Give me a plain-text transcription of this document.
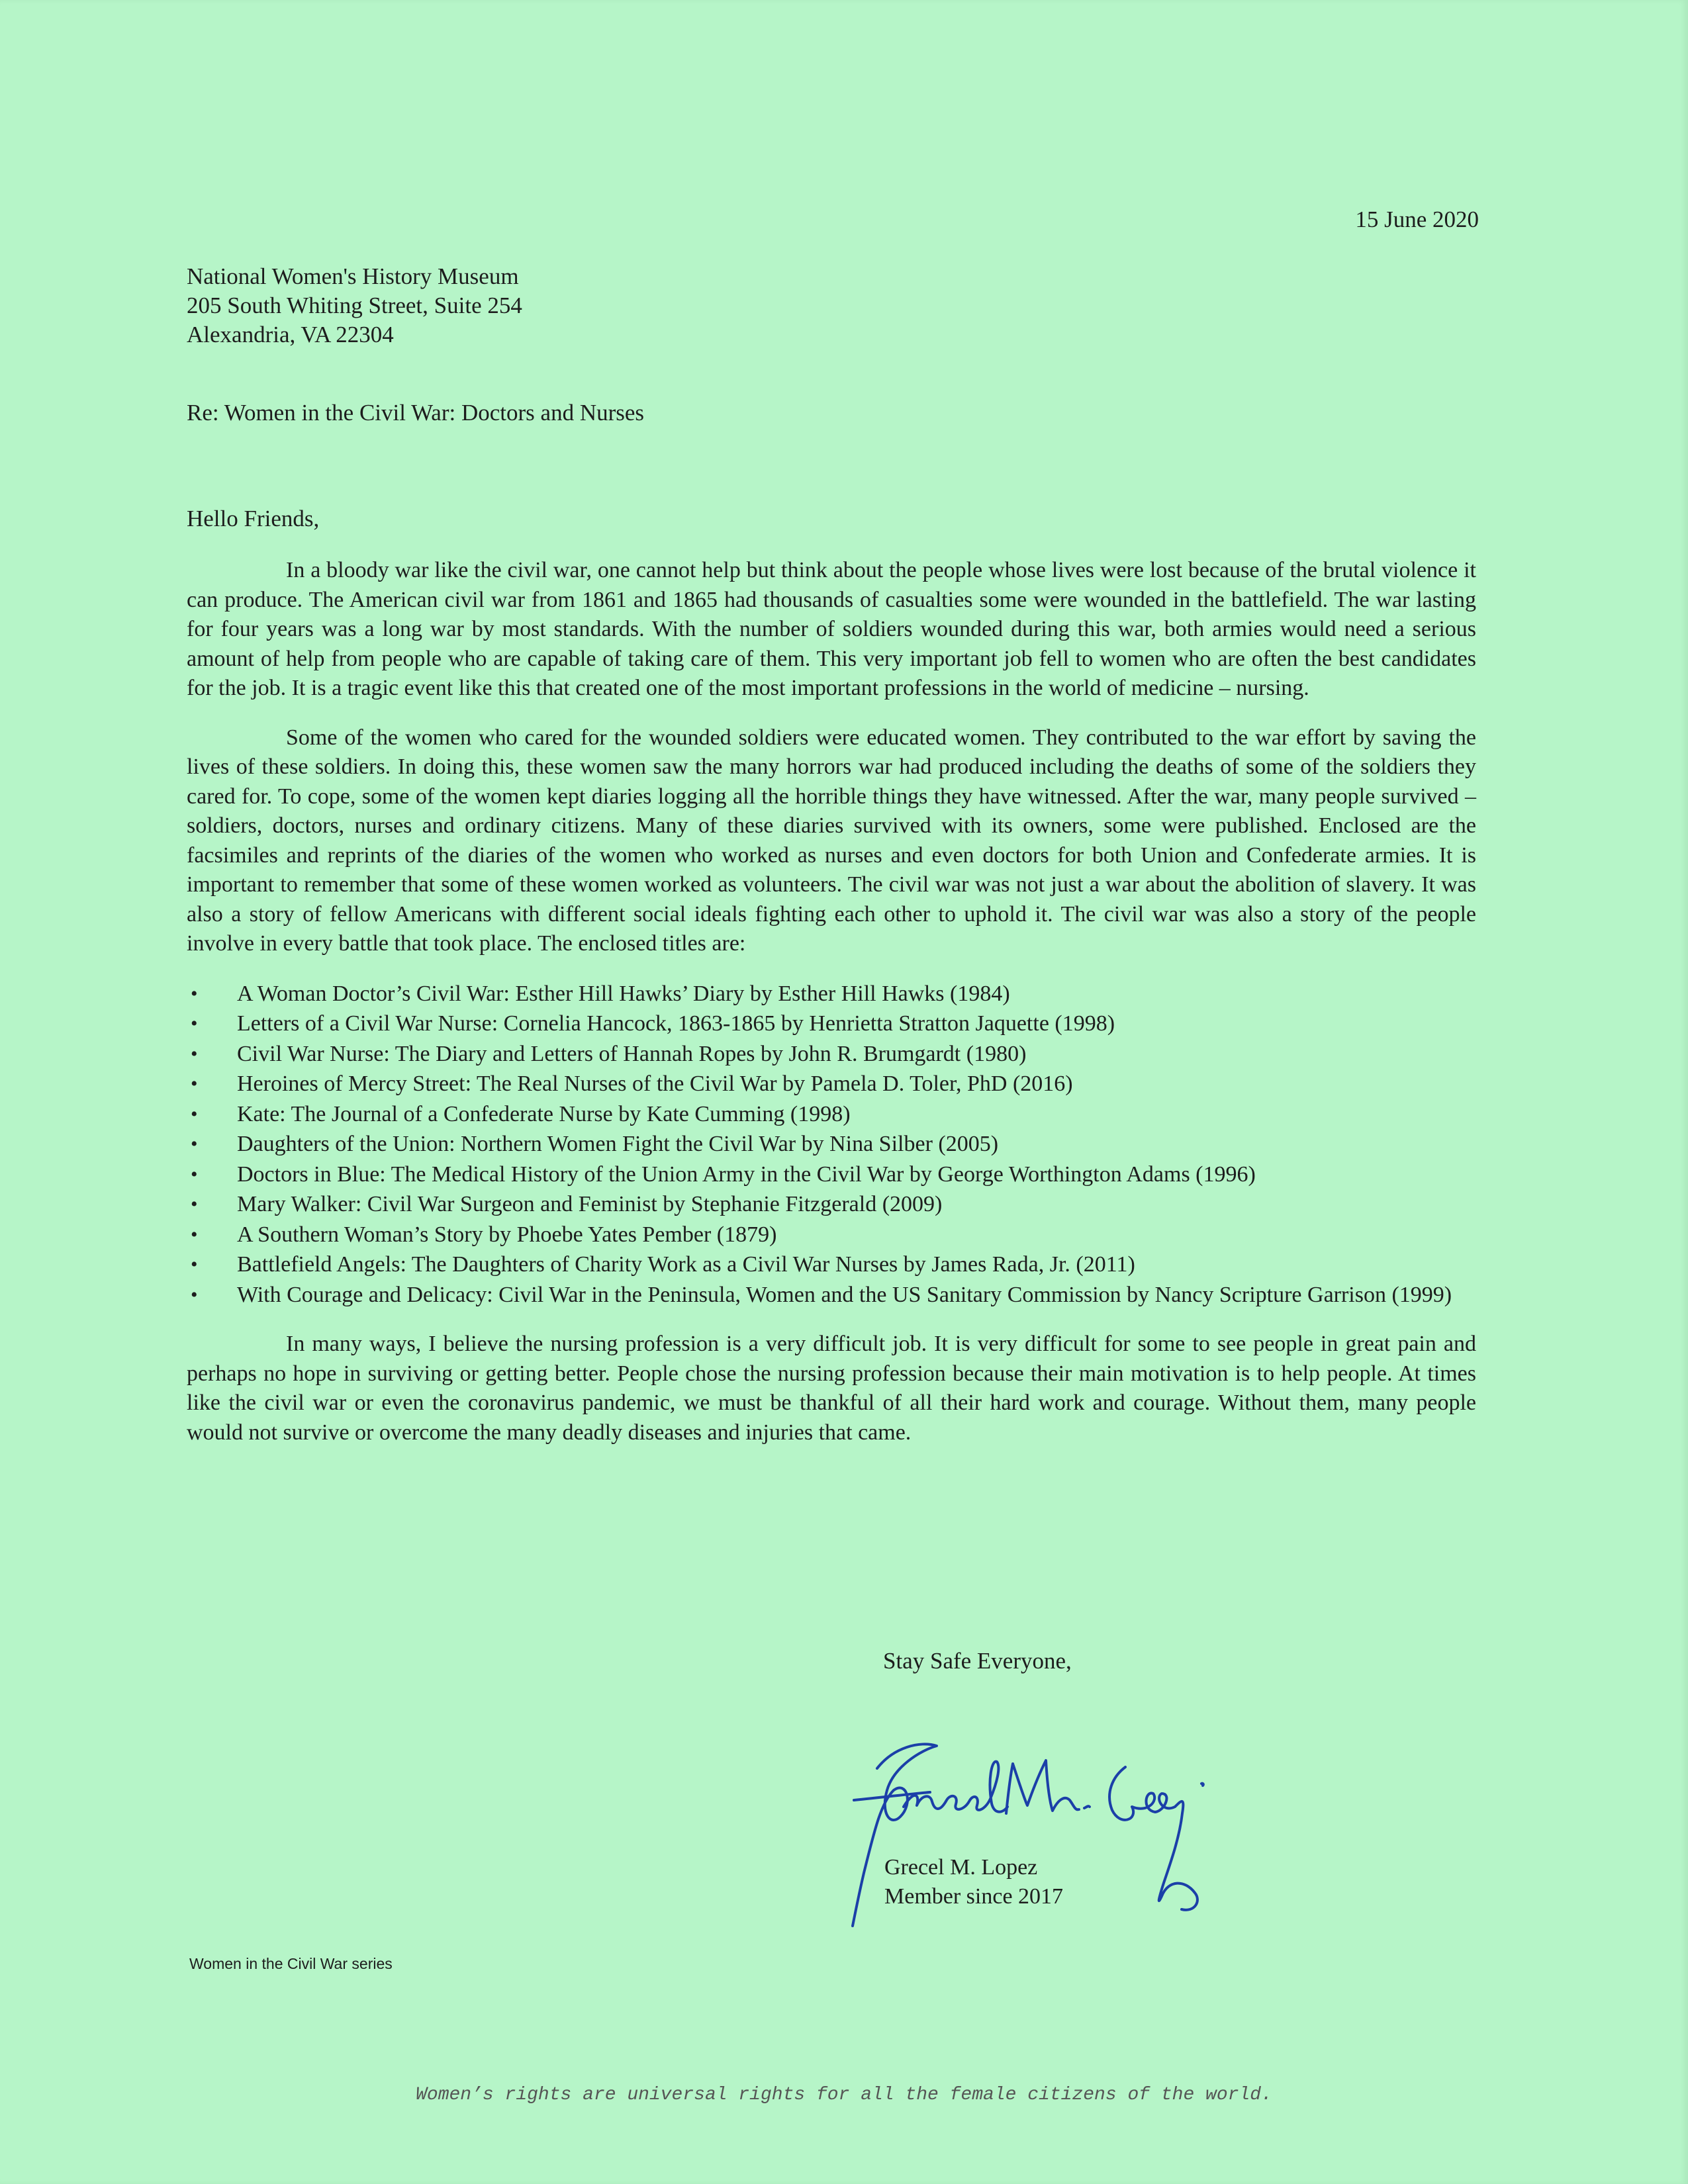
15 June 2020
National Women's History Museum
205 South Whiting Street, Suite 254
Alexandria, VA 22304
Re: Women in the Civil War: Doctors and Nurses
Hello Friends,

In a bloody war like the civil war, one cannot help but think about the people whose lives were lost because of the brutal violence it can produce. The American civil war from 1861 and 1865 had thousands of casualties some were wounded in the battlefield. The war lasting for four years was a long war by most standards. With the number of soldiers wounded during this war, both armies would need a serious amount of help from people who are capable of taking care of them. This very important job fell to women who are often the best candidates for the job. It is a tragic event like this that created one of the most important professions in the world of medicine – nursing.

Some of the women who cared for the wounded soldiers were educated women. They contributed to the war effort by saving the lives of these soldiers. In doing this, these women saw the many horrors war had produced including the deaths of some of the soldiers they cared for. To cope, some of the women kept diaries logging all the horrible things they have witnessed. After the war, many people survived – soldiers, doctors, nurses and ordinary citizens. Many of these diaries survived with its owners, some were published. Enclosed are the facsimiles and reprints of the diaries of the women who worked as nurses and even doctors for both Union and Confederate armies. It is important to remember that some of these women worked as volunteers. The civil war was not just a war about the abolition of slavery. It was also a story of fellow Americans with different social ideals fighting each other to uphold it. The civil war was also a story of the people involve in every battle that took place. The enclosed titles are:

• A Woman Doctor’s Civil War: Esther Hill Hawks’ Diary by Esther Hill Hawks (1984)
• Letters of a Civil War Nurse: Cornelia Hancock, 1863-1865 by Henrietta Stratton Jaquette (1998)
• Civil War Nurse: The Diary and Letters of Hannah Ropes by John R. Brumgardt (1980)
• Heroines of Mercy Street: The Real Nurses of the Civil War by Pamela D. Toler, PhD (2016)
• Kate: The Journal of a Confederate Nurse by Kate Cumming (1998)
• Daughters of the Union: Northern Women Fight the Civil War by Nina Silber (2005)
• Doctors in Blue: The Medical History of the Union Army in the Civil War by George Worthington Adams (1996)
• Mary Walker: Civil War Surgeon and Feminist by Stephanie Fitzgerald (2009)
• A Southern Woman’s Story by Phoebe Yates Pember (1879)
• Battlefield Angels: The Daughters of Charity Work as a Civil War Nurses by James Rada, Jr. (2011)
• With Courage and Delicacy: Civil War in the Peninsula, Women and the US Sanitary Commission by Nancy Scripture Garrison (1999)

In many ways, I believe the nursing profession is a very difficult job. It is very difficult for some to see people in great pain and perhaps no hope in surviving or getting better. People chose the nursing profession because their main motivation is to help people. At times like the civil war or even the coronavirus pandemic, we must be thankful of all their hard work and courage. Without them, many people would not survive or overcome the many deadly diseases and injuries that came.

Stay Safe Everyone,
Grecel M. Lopez
Member since 2017
Women in the Civil War series
Women’s rights are universal rights for all the female citizens of the world.
